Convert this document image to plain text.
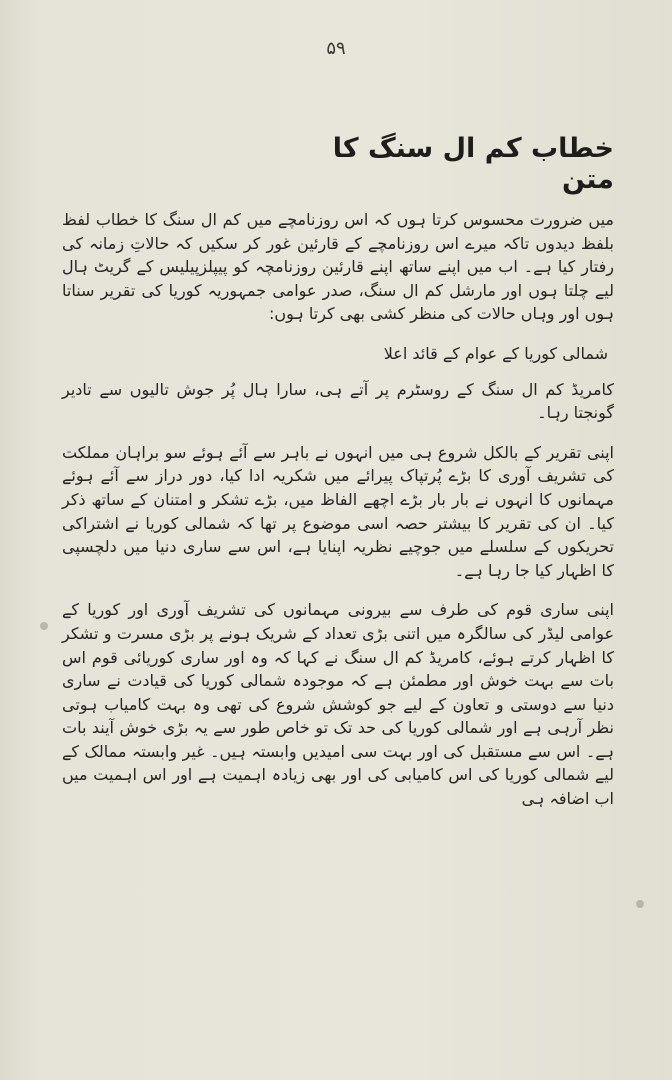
۵۹
خطاب کم ال سنگ کا متن

میں ضرورت محسوس کرتا ہوں کہ اس روزنامچے میں کم ال سنگ کا خطاب لفظ بلفظ دیدوں تاکہ میرے اس روزنامچے کے قارئین غور کر سکیں کہ حالاتِ زمانہ کی رفتار کیا ہے۔ اب میں اپنے ساتھ اپنے قارئین روزنامچہ کو پیپلزپیلیس کے گریٹ ہال لیے چلتا ہوں اور مارشل کم ال سنگ، صدر عوامی جمہوریہ کوریا کی تقریر سناتا ہوں اور وہاں حالات کی منظر کشی بھی کرتا ہوں:

شمالی کوریا کے عوام کے قائد اعلا

کامریڈ کم ال سنگ کے روسٹرم پر آتے ہی، سارا ہال پُر جوش تالیوں سے تادیر گونجتا رہا۔

اپنی تقریر کے بالکل شروع ہی میں انہوں نے باہر سے آئے ہوئے سو براہان مملکت کی تشریف آوری کا بڑے پُرتپاک پیرائے میں شکریہ ادا کیا، دور دراز سے آئے ہوئے مہمانوں کا انہوں نے بار بار بڑے اچھے الفاظ میں، بڑے تشکر و امتنان کے ساتھ ذکر کیا۔ ان کی تقریر کا بیشتر حصہ اسی موضوع پر تھا کہ شمالی کوریا نے اشتراکی تحریکوں کے سلسلے میں جوچیے نظریہ اپنایا ہے، اس سے ساری دنیا میں دلچسپی کا اظہار کیا جا رہا ہے۔

اپنی ساری قوم کی طرف سے بیرونی مہمانوں کی تشریف آوری اور کوریا کے عوامی لیڈر کی سالگرہ میں اتنی بڑی تعداد کے شریک ہونے پر بڑی مسرت و تشکر کا اظہار کرتے ہوئے، کامریڈ کم ال سنگ نے کہا کہ وہ اور ساری کوریائی قوم اس بات سے بہت خوش اور مطمئن ہے کہ موجودہ شمالی کوریا کی قیادت نے ساری دنیا سے دوستی و تعاون کے لیے جو کوشش شروع کی تھی وہ بہت کامیاب ہوتی نظر آرہی ہے اور شمالی کوریا کی حد تک تو خاص طور سے یہ بڑی خوش آیند بات ہے۔ اس سے مستقبل کی اور بہت سی امیدیں وابستہ ہیں۔ غیر وابستہ ممالک کے لیے شمالی کوریا کی اس کامیابی کی اور بھی زیادہ اہمیت ہے اور اس اہمیت میں اب اضافہ ہی
